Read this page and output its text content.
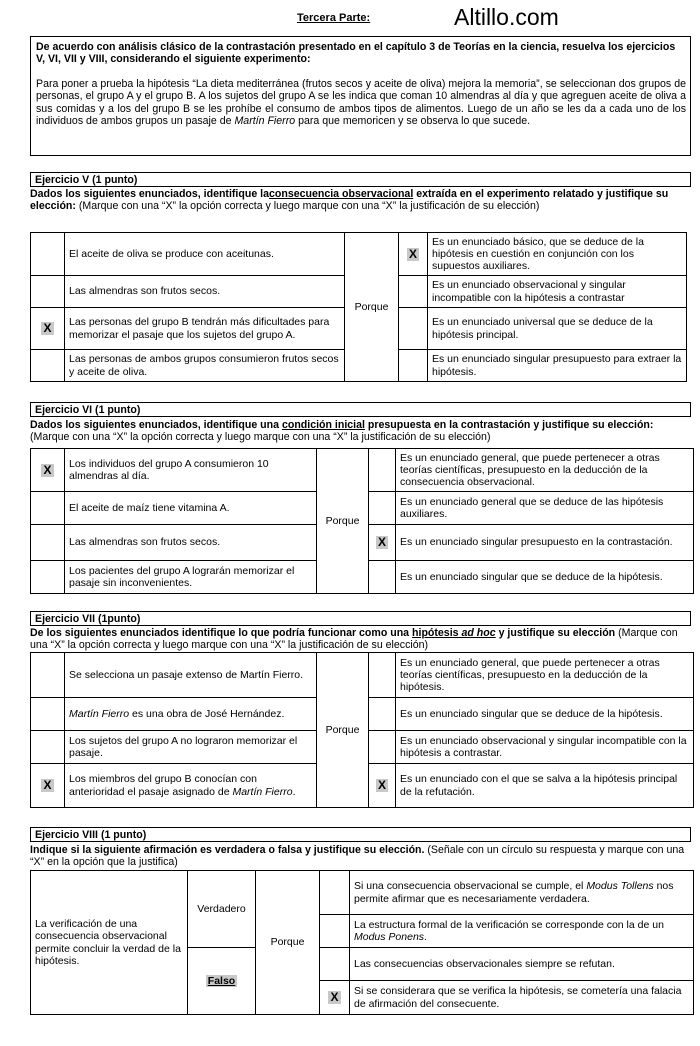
Tercera Parte:	Altillo.com
De acuerdo con análisis clásico de la contrastación presentado en el capítulo 3 de Teorías en la ciencia, resuelva los ejercicios V, VI, VII y VIII, considerando el siguiente experimento:
Para poner a prueba la hipótesis “La dieta mediterránea (frutos secos y aceite de oliva) mejora la memoria”, se seleccionan dos grupos de personas, el grupo A y el grupo B. A los sujetos del grupo A se les indica que coman 10 almendras al día y que agreguen aceite de oliva a sus comidas y a los del grupo B se les prohíbe el consumo de ambos tipos de alimentos. Luego de un año se les da a cada uno de los individuos de ambos grupos un pasaje de Martín Fierro para que memoricen y se observa lo que sucede.
Ejercicio V (1 punto)
Dados los siguientes enunciados, identifique laconsecuencia observacional extraída en el experimento relatado y justifique su elección: (Marque con una “X” la opción correcta y luego marque con una “X” la justificación de su elección)
	El aceite de oliva se produce con aceitunas.	Porque	X	Es un enunciado básico, que se deduce de la hipótesis en cuestión en conjunción con los supuestos auxiliares.
	Las almendras son frutos secos.			Es un enunciado observacional y singular incompatible con la hipótesis a contrastar
X	Las personas del grupo B tendrán más dificultades para memorizar el pasaje que los sujetos del grupo A.			Es un enunciado universal que se deduce de la hipótesis principal.
	Las personas de ambos grupos consumieron frutos secos y aceite de oliva.			Es un enunciado singular presupuesto para extraer la hipótesis.
Ejercicio VI (1 punto)
Dados los siguientes enunciados, identifique una condición inicial presupuesta en la contrastación y justifique su elección: (Marque con una “X” la opción correcta y luego marque con una “X” la justificación de su elección)
X	Los individuos del grupo A consumieron 10 almendras al día.	Porque		Es un enunciado general, que puede pertenecer a otras teorías científicas, presupuesto en la deducción de la consecuencia observacional.
	El aceite de maíz tiene vitamina A.			Es un enunciado general que se deduce de las hipótesis auxiliares.
	Las almendras son frutos secos.		X	Es un enunciado singular presupuesto en la contrastación.
	Los pacientes del grupo A lograrán memorizar el pasaje sin inconvenientes.			Es un enunciado singular que se deduce de la hipótesis.
Ejercicio VII (1punto)
De los siguientes enunciados identifique lo que podría funcionar como una hipótesis ad hoc y justifique su elección (Marque con una “X” la opción correcta y luego marque con una “X” la justificación de su elección)
	Se selecciona un pasaje extenso de Martín Fierro.	Porque		Es un enunciado general, que puede pertenecer a otras teorías científicas, presupuesto en la deducción de la hipótesis.
	Martín Fierro es una obra de José Hernández.			Es un enunciado singular que se deduce de la hipótesis.
	Los sujetos del grupo A no lograron memorizar el pasaje.			Es un enunciado observacional y singular incompatible con la hipótesis a contrastar.
X	Los miembros del grupo B conocían con anterioridad el pasaje asignado de Martín Fierro.		X	Es un enunciado con el que se salva a la hipótesis principal de la refutación.
Ejercicio VIII (1 punto)
Indique si la siguiente afirmación es verdadera o falsa y justifique su elección. (Señale con un círculo su respuesta y marque con una “X” en la opción que la justifica)
La verificación de una consecuencia observacional permite concluir la verdad de la hipótesis.	Verdadero	Porque		Si una consecuencia observacional se cumple, el Modus Tollens nos permite afirmar que es necesariamente verdadera.
				La estructura formal de la verificación se corresponde con la de un Modus Ponens.
	Falso			Las consecuencias observacionales siempre se refutan.
			X	Si se considerara que se verifica la hipótesis, se cometería una falacia de afirmación del consecuente.
